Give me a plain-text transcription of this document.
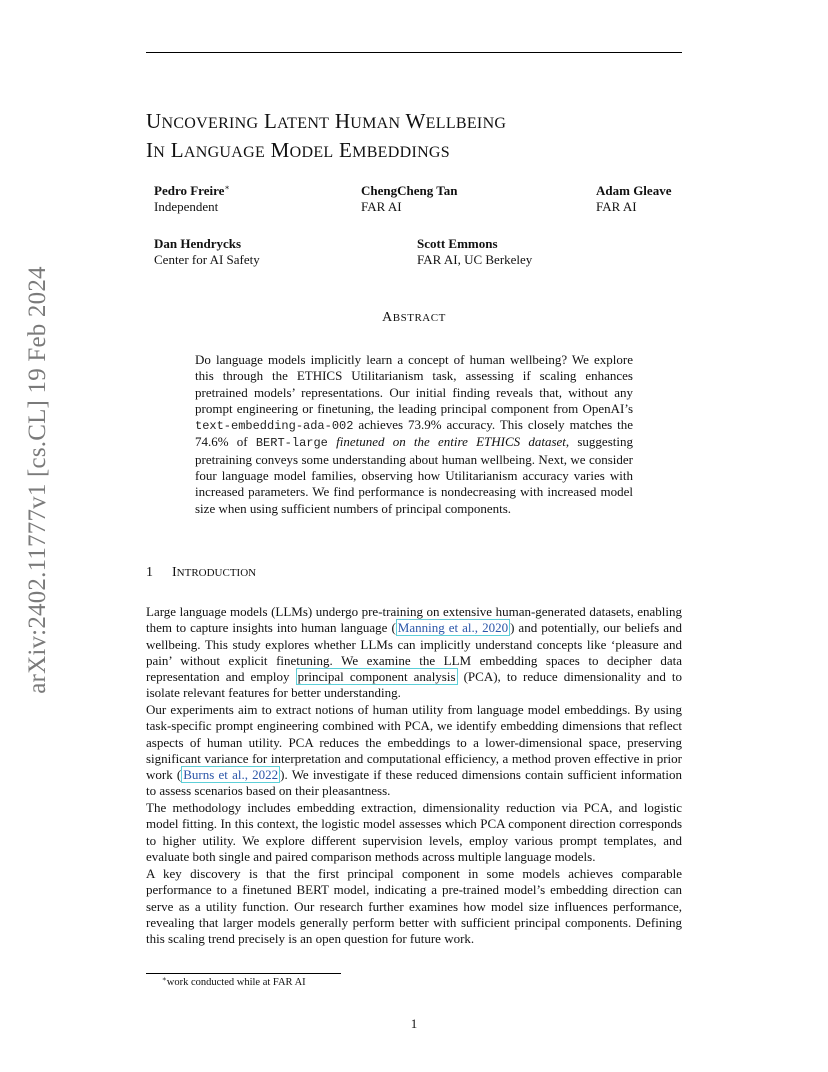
arXiv:2402.11777v1 [cs.CL] 19 Feb 2024
UNCOVERING LATENT HUMAN WELLBEING
IN LANGUAGE MODEL EMBEDDINGS
Pedro Freire∗
Independent
ChengCheng Tan
FAR AI
Adam Gleave
FAR AI
Dan Hendrycks
Center for AI Safety
Scott Emmons
FAR AI, UC Berkeley
ABSTRACT
Do language models implicitly learn a concept of human wellbeing? We explore this through the ETHICS Utilitarianism task, assessing if scaling enhances pretrained models’ representations. Our initial finding reveals that, without any prompt engineering or finetuning, the leading principal component from OpenAI’s text-embedding-ada-002 achieves 73.9% accuracy. This closely matches the 74.6% of BERT-large finetuned on the entire ETHICS dataset, suggesting pretraining conveys some understanding about human wellbeing. Next, we consider four language model families, observing how Utilitarianism accuracy varies with increased parameters. We find performance is nondecreasing with increased model size when using sufficient numbers of principal components.
1 INTRODUCTION

Large language models (LLMs) undergo pre-training on extensive human-generated datasets, enabling them to capture insights into human language ( Manning et al., 2020 ) and potentially, our beliefs and wellbeing. This study explores whether LLMs can implicitly understand concepts like ‘pleasure and pain’ without explicit finetuning. We examine the LLM embedding spaces to decipher data representation and employ principal component analysis (PCA), to reduce dimensionality and to isolate relevant features for better understanding.

Our experiments aim to extract notions of human utility from language model embeddings. By using task-specific prompt engineering combined with PCA, we identify embedding dimensions that reflect aspects of human utility. PCA reduces the embeddings to a lower-dimensional space, preserving significant variance for interpretation and computational efficiency, a method proven effective in prior work ( Burns et al., 2022 ). We investigate if these reduced dimensions contain sufficient information to assess scenarios based on their pleasantness.

The methodology includes embedding extraction, dimensionality reduction via PCA, and logistic model fitting. In this context, the logistic model assesses which PCA component direction corresponds to higher utility. We explore different supervision levels, employ various prompt templates, and evaluate both single and paired comparison methods across multiple language models.
A key discovery is that the first principal component in some models achieves comparable performance to a finetuned BERT model, indicating a pre-trained model’s embedding direction can serve as a utility function. Our research further examines how model size influences performance, revealing that larger models generally perform better with sufficient principal components. Defining this scaling trend precisely is an open question for future work.
∗work conducted while at FAR AI
1
